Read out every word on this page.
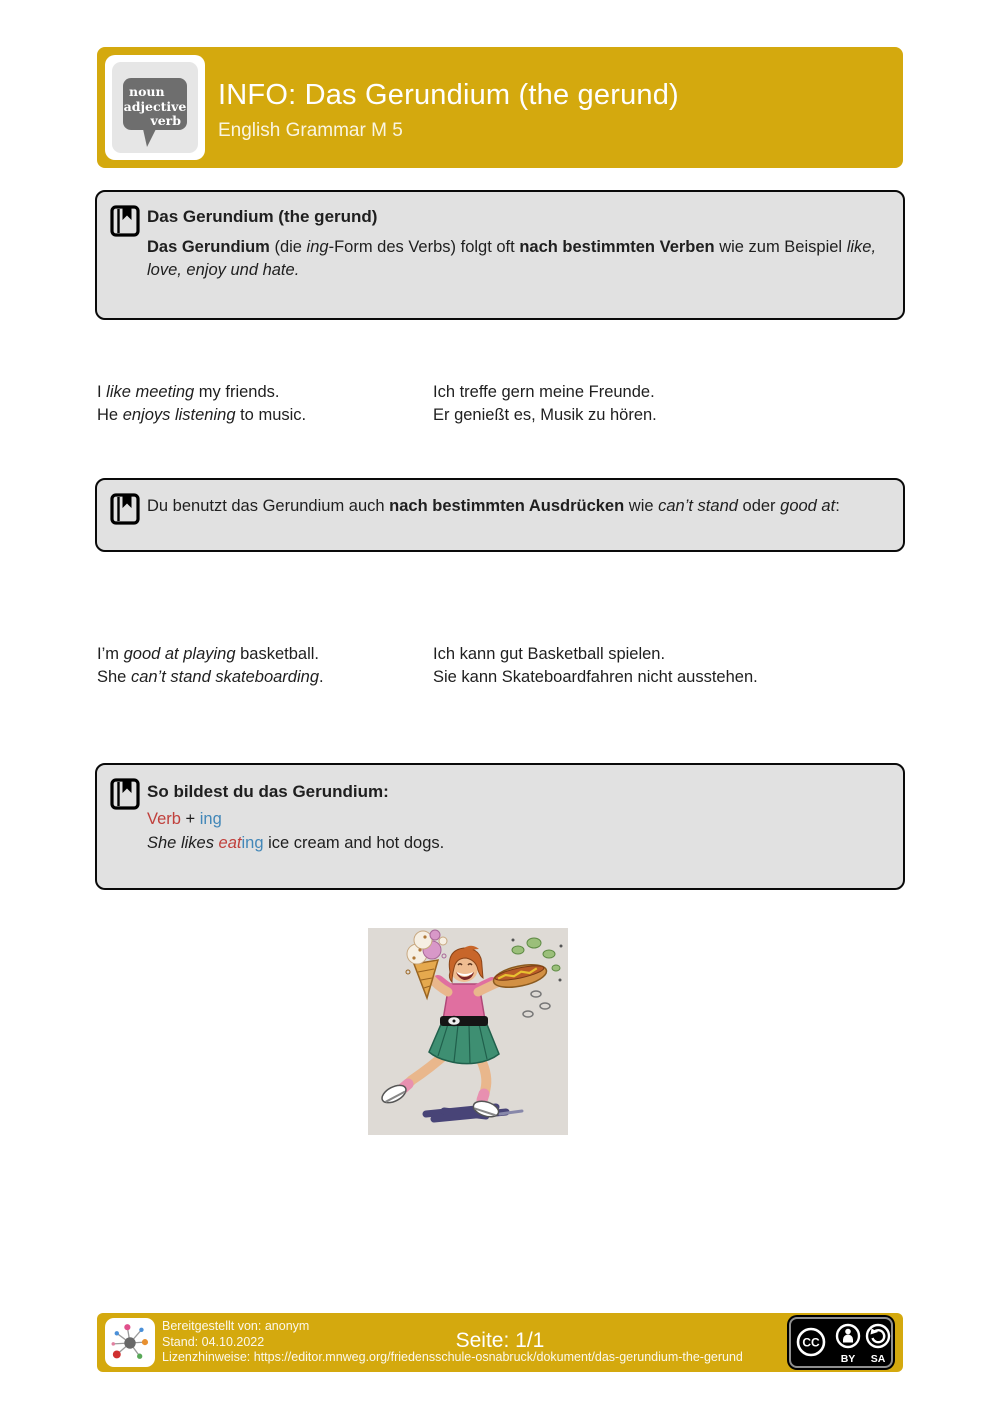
noun
adjective
verb
INFO: Das Gerundium (the gerund)
English Grammar M 5
Das Gerundium (the gerund)

Das Gerundium (die ing-Form des Verbs) folgt oft nach bestimmten Verben wie zum Beispiel like, love, enjoy und hate.

I like meeting my friends.
He enjoys listening to music.
Ich treffe gern meine Freunde.
Er genießt es, Musik zu hören.

Du benutzt das Gerundium auch nach bestimmten Ausdrücken wie can’t stand oder good at:

I’m good at playing basketball.
She can’t stand skateboarding.
Ich kann gut Basketball spielen.
Sie kann Skateboardfahren nicht ausstehen.
So bildest du das Gerundium:
Verb + ing
She likes eating ice cream and hot dogs.
Bereitgestellt von: anonym
Stand: 04.10.2022
Lizenzhinweise: https://editor.mnweg.org/friedensschule-osnabruck/dokument/das-gerundium-the-gerund
Seite: 1/1	CC
BY SA
